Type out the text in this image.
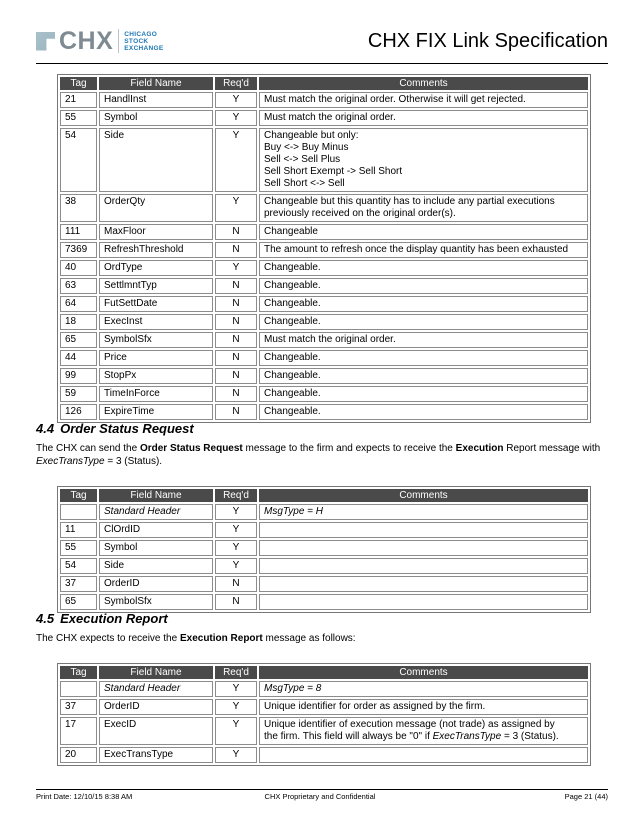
CHX CHICAGO
STOCK
EXCHANGE	CHX FIX Link Specification
Tag	Field Name	Req'd	Comments
21	HandlInst	Y	Must match the original order. Otherwise it will get rejected.

55	Symbol	Y	Must match the original order.

54	Side	Y	Changeable but only:
Buy <-> Buy Minus
Sell <-> Sell Plus
Sell Short Exempt -> Sell Short
Sell Short <-> Sell

38	OrderQty	Y	Changeable but this quantity has to include any partial executions
previously received on the original order(s).

111	MaxFloor	N	Changeable

7369	RefreshThreshold	N	The amount to refresh once the display quantity has been exhausted

40	OrdType	Y	Changeable.

63	SettlmntTyp	N	Changeable.

64	FutSettDate	N	Changeable.

18	ExecInst	N	Changeable.

65	SymbolSfx	N	Must match the original order.

44	Price	N	Changeable.

99	StopPx	N	Changeable.

59	TimeInForce	N	Changeable.

126	ExpireTime	N	Changeable.
4.4 Order Status Request
The CHX can send the Order Status Request message to the firm and expects to receive the Execution Report message with ExecTransType = 3 (Status).
Tag	Field Name	Req'd	Comments
	Standard Header	Y	MsgType = H

11	ClOrdID	Y	

55	Symbol	Y	

54	Side	Y	

37	OrderID	N	

65	SymbolSfx	N	
4.5 Execution Report
The CHX expects to receive the Execution Report message as follows:
Tag	Field Name	Req'd	Comments
	Standard Header	Y	MsgType = 8

37	OrderID	Y	Unique identifier for order as assigned by the firm.

17	ExecID	Y	Unique identifier of execution message (not trade) as assigned by
the firm. This field will always be "0" if ExecTransType = 3 (Status).

20	ExecTransType	Y	
Print Date: 12/10/15 8:38 AM	CHX Proprietary and Confidential	Page 21 (44)
